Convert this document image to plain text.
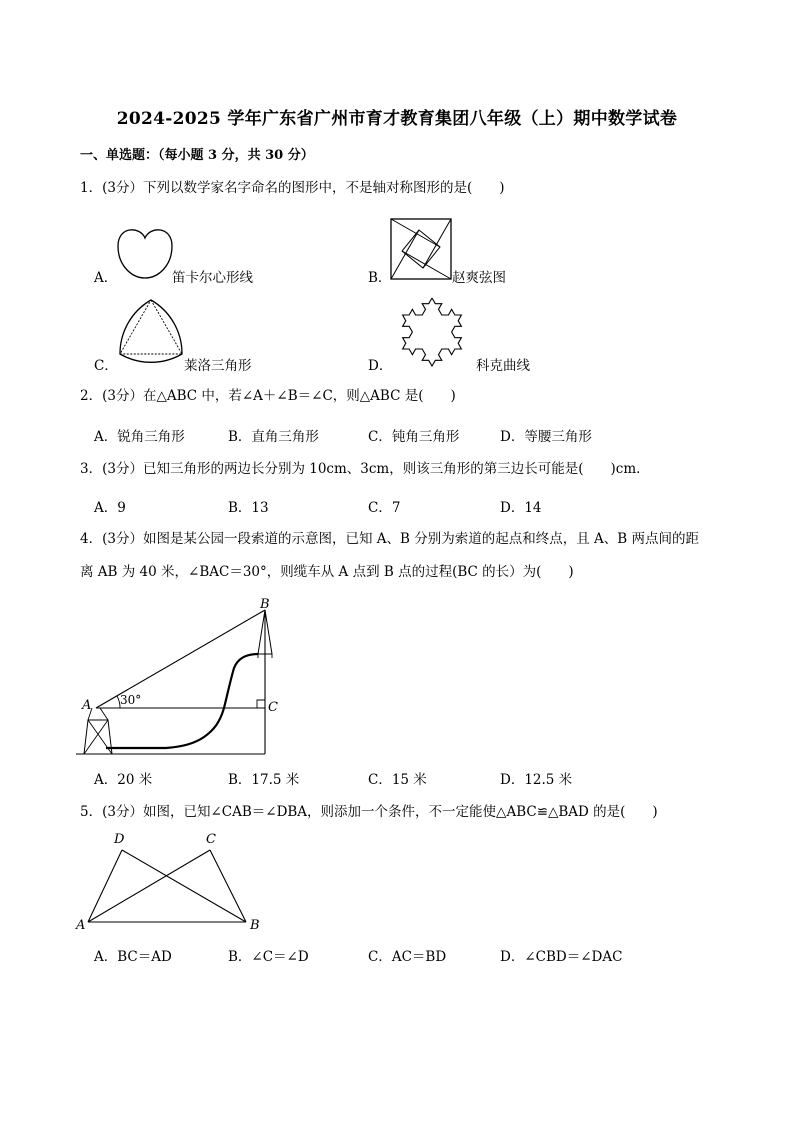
2024-2025 学年广东省广州市育才教育集团八年级（上）期中数学试卷
一、单选题：（每小题 3 分，共 30 分）
1．(3分）下列以数学家名字命名的图形中，不是轴对称图形的是(　　)
A．	笛卡尔心形线	B．	赵爽弦图
C．	莱洛三角形	D．	科克曲线
2．(3分）在△ABC 中，若∠A＋∠B＝∠C，则△ABC 是(　　)
A．锐角三角形	B．直角三角形	C．钝角三角形	D．等腰三角形
3．(3分）已知三角形的两边长分别为 10cm、3cm，则该三角形的第三边长可能是(　　)cm．
A．9	B．13	C．7	D．14
4．(3分）如图是某公园一段索道的示意图，已知 A、B 分别为索道的起点和终点，且 A、B 两点间的距
离 AB 为 40 米，∠BAC＝30°，则缆车从 A 点到 B 点的过程(BC 的长）为(　　)
A
B
C
30°
A．20 米	B．17.5 米	C．15 米	D．12.5 米
5．(3分）如图，已知∠CAB＝∠DBA，则添加一个条件，不一定能使△ABC≌△BAD 的是(　　)
D	C
A	B
A．BC＝AD	B．∠C＝∠D	C．AC＝BD	D．∠CBD＝∠DAC
